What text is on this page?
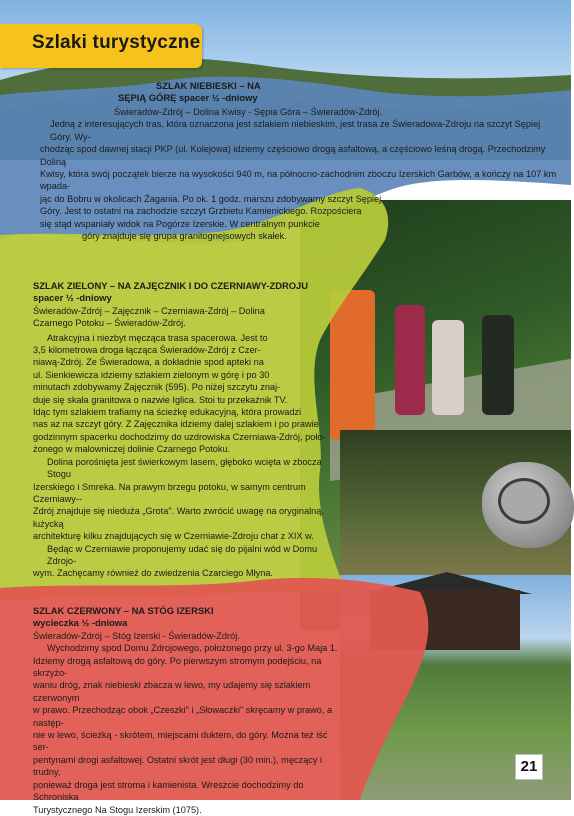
Szlaki turystyczne
SZLAK NIEBIESKI – NA
SĘPIĄ GÓRĘ spacer ½ -dniowy
Świeradów-Zdrój – Dolina Kwisy - Sępia Góra – Świeradów-Zdrój.
Jedną z interesujących tras, która oznaczona jest szlakiem niebieskim, jest trasa ze Świeradowa-Zdroju na szczyt Sępiej Góry. Wy-
chodząc spod dawnej stacji PKP (ul. Kolejowa) idziemy częściowo drogą asfaltową, a częściowo leśną drogą. Przechodzimy Doliną
Kwisy, która swój początek bierze na wysokości 940 m, na północno-zachodnim zboczu Izerskich Garbów, a kończy na 107 km wpada-
jąc do Bobru w okolicach Żagania. Po ok. 1 godz. marszu zdobywamy szczyt Sępiej
Góry. Jest to ostatni na zachodzie szczyt Grzbietu Kamienickiego. Rozpościera
się stąd wspaniały widok na Pogórze Izerskie. W centralnym punkcie
góry znajduje się grupa granitognejsowych skałek.
SZLAK ZIELONY – NA ZAJĘCZNIK I DO CZERNIAWY-ZDROJU
spacer ½ -dniowy
Świeradów-Zdrój – Zajęcznik – Czerniawa-Zdrój – Dolina
Czarnego Potoku – Świeradów-Zdrój.
Atrakcyjna i niezbyt męcząca trasa spacerowa. Jest to
3,5 kilometrowa droga łącząca Świeradów-Zdrój z Czer-
niawą-Zdrój. Ze Świeradowa, a dokładnie spod apteki na
ul. Sienkiewicza idziemy szlakiem zielonym w górę i po 30
minutach zdobywamy Zajęcznik (595). Po niżej szczytu znaj-
duje się skała granitowa o nazwie Iglica. Stoi tu przekaźnik TV.
Idąc tym szlakiem trafiamy na ścieżkę edukacyjną, która prowadzi
nas az na szczyt góry. Z Zajęcznika idziemy dalej szlakiem i po prawie
godzinnym spacerku dochodzimy do uzdrowiska Czerniawa-Zdrój, poło-
żonego w malowniczej dolinie Czarnego Potoku.
Dolina porośnięta jest świerkowym lasem, głęboko wcięta w zbocza Stogu
Izerskiego i Smreka. Na prawym brzegu potoku, w samym centrum Czerniawy--
Zdrój znajduje się nieduża „Grota". Warto zwrócić uwagę na oryginalną, łużycką
architekturę kilku znajdujących się w Czerniawie-Zdroju chat z XIX w.
Będąc w Czerniawie proponujemy udać się do pijalni wód w Domu Zdrojo-
wym. Zachęcamy również do zwiedzenia Czarciego Młyna.
SZLAK CZERWONY – NA STÓG IZERSKI
wycieczka ½ -dniowa
Świeradów-Zdrój – Stóg Izerski - Świeradów-Zdrój.
Wychodzimy spod Domu Zdrojowego, położonego przy ul. 3-go Maja 1.
Idziemy drogą asfaltową do góry. Po pierwszym stromym podejściu, na skrzyżo-
waniu dróg, znak niebieski zbacza w lewo, my udajemy się szlakiem czerwonym
w prawo. Przechodząc obok „Czeszki" i „Słowaczki" skręcamy w prawo, a następ-
nie w lewo, ścieżką - skrótem, miejscami duktem, do góry. Można też iść ser-
pentynami drogi asfaltowej. Ostatni skrót jest długi (30 min.), męczący i trudny,
ponieważ droga jest stroma i kamienista. Wreszcie dochodzimy do Schroniska
Turystycznego Na Stogu Izerskim (1075).
21
